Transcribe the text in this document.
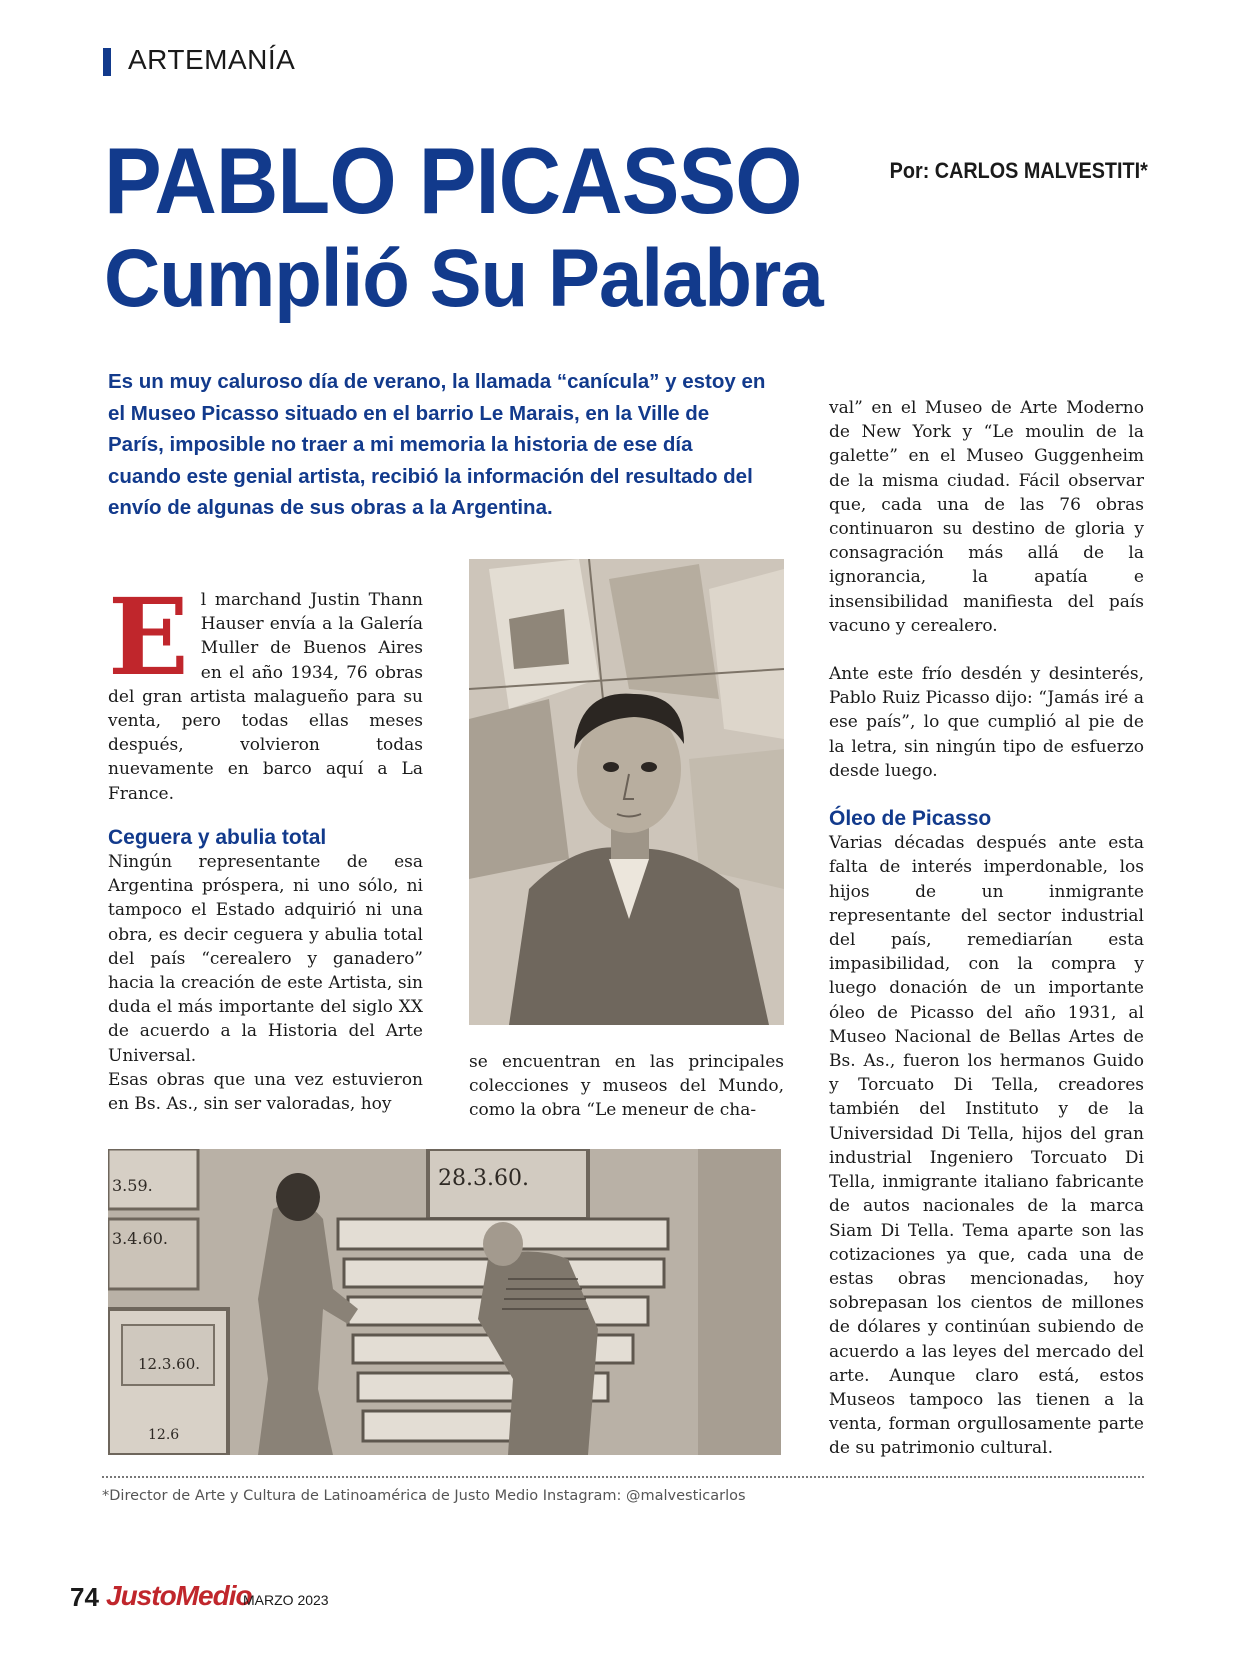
ARTEMANÍA
PABLO PICASSO
Cumplió Su Palabra
Por: CARLOS MALVESTITI*
Es un muy caluroso día de verano, la llamada “canícula” y estoy en el Museo Picasso situado en el barrio Le Marais, en la Ville de París, imposible no traer a mi memoria la historia de ese día cuando este genial artista, recibió la información del resultado del envío de algunas de sus obras a la Argentina.

El marchand Justin Thann Hauser envía a la Galería Muller de Buenos Aires en el año 1934, 76 obras del gran artista malagueño para su venta, pero todas ellas meses después, volvieron todas nuevamente en barco aquí a La France.

Ceguera y abulia total

Ningún representante de esa Argentina próspera, ni uno sólo, ni tampoco el Estado adquirió ni una obra, es decir ceguera y abulia total del país “cerealero y ganadero” hacia la creación de este Artista, sin duda el más importante del siglo XX de acuerdo a la Historia del Arte Universal.

Esas obras que una vez estuvieron en Bs. As., sin ser valoradas, hoy

se encuentran en las principales colecciones y museos del Mundo, como la obra “Le meneur de cha-

val” en el Museo de Arte Moderno de New York y “Le moulin de la galette” en el Museo Guggenheim de la misma ciudad. Fácil observar que, cada una de las 76 obras continuaron su destino de gloria y consagración más allá de la ignorancia, la apatía e insensibilidad manifiesta del país vacuno y cerealero.

Ante este frío desdén y desinterés, Pablo Ruiz Picasso dijo: “Jamás iré a ese país”, lo que cumplió al pie de la letra, sin ningún tipo de esfuerzo desde luego.

Óleo de Picasso

Varias décadas después ante esta falta de interés imperdonable, los hijos de un inmigrante representante del sector industrial del país, remediarían esta impasibilidad, con la compra y luego donación de un importante óleo de Picasso del año 1931, al Museo Nacional de Bellas Artes de Bs. As., fueron los hermanos Guido y Torcuato Di Tella, creadores también del Instituto y de la Universidad Di Tella, hijos del gran industrial Ingeniero Torcuato Di Tella, inmigrante italiano fabricante de autos nacionales de la marca Siam Di Tella. Tema aparte son las cotizaciones ya que, cada una de estas obras mencionadas, hoy sobrepasan los cientos de millones de dólares y continúan subiendo de acuerdo a las leyes del mercado del arte. Aunque claro está, estos Museos tampoco las tienen a la venta, forman orgullosamente parte de su patrimonio cultural.

28.3.60.
3.59.
3.4.60.
12.3.60.
12.6
*Director de Arte y Cultura de Latinoamérica de Justo Medio Instagram: @malvesticarlos
74 JustoMedio
MARZO 2023
